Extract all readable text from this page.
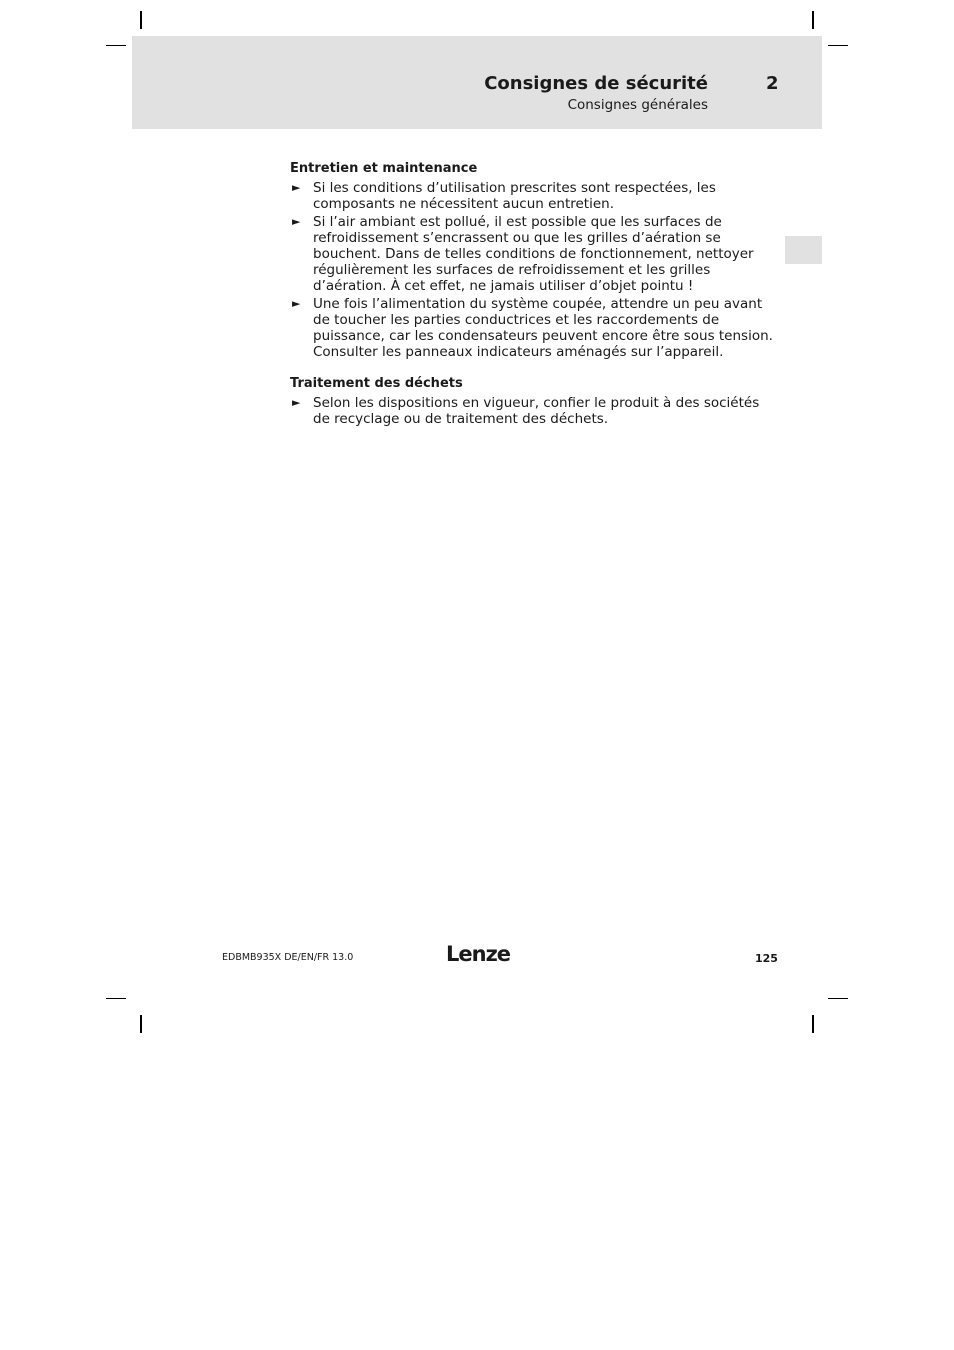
Consignes de sécurité	2
Consignes générales
Entretien et maintenance
► Si les conditions d’utilisation prescrites sont respectées, les composants ne nécessitent aucun entretien.
► Si l’air ambiant est pollué, il est possible que les surfaces de refroidissement s’encrassent ou que les grilles d’aération se bouchent. Dans de telles conditions de fonctionnement, nettoyer régulièrement les surfaces de refroidissement et les grilles d’aération. À cet effet, ne jamais utiliser d’objet pointu !
► Une fois l’alimentation du système coupée, attendre un peu avant de toucher les parties conductrices et les raccordements de puissance, car les condensateurs peuvent encore être sous tension. Consulter les panneaux indicateurs aménagés sur l’appareil.
Traitement des déchets
► Selon les dispositions en vigueur, confier le produit à des sociétés de recyclage ou de traitement des déchets.
EDBMB935X DE/EN/FR 13.0	Lenze	125
